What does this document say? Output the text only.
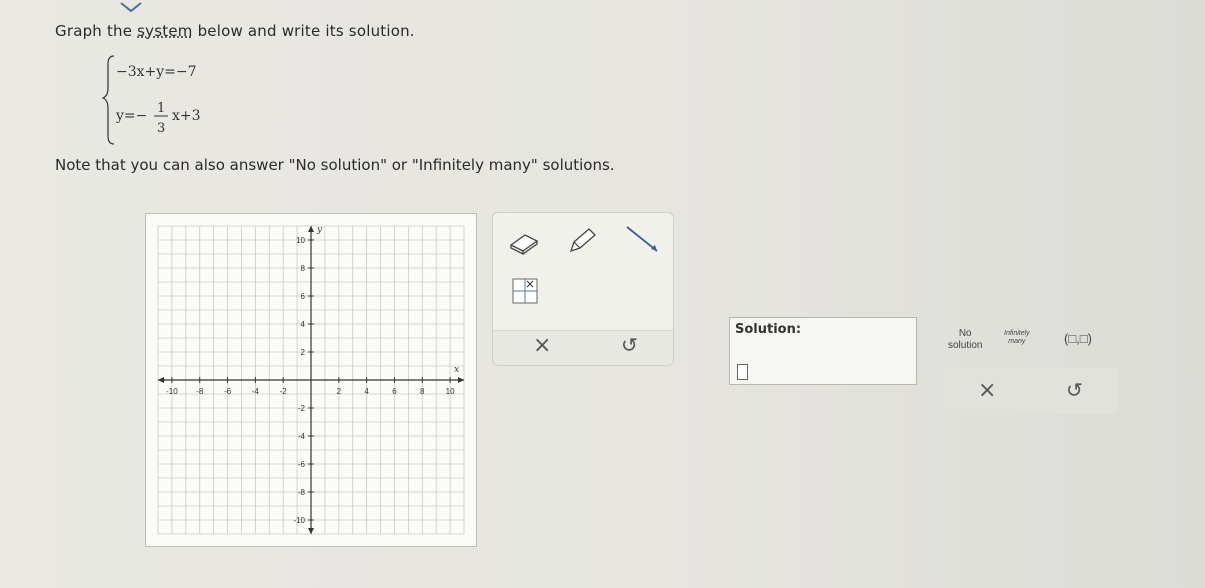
Graph the system below and write its solution.
−3x+y=−7
y=− 1
3
x+3
Note that you can also answer "No solution" or "Infinitely many" solutions.
-10 -8	-6	-4	-2	2	4	6	8	10
10
8
6
4
2
-2
-4
-6
-8
-10
x
y
×	↺
Solution:	No
solution
Infinitely
many	(□,□)
×	↺
